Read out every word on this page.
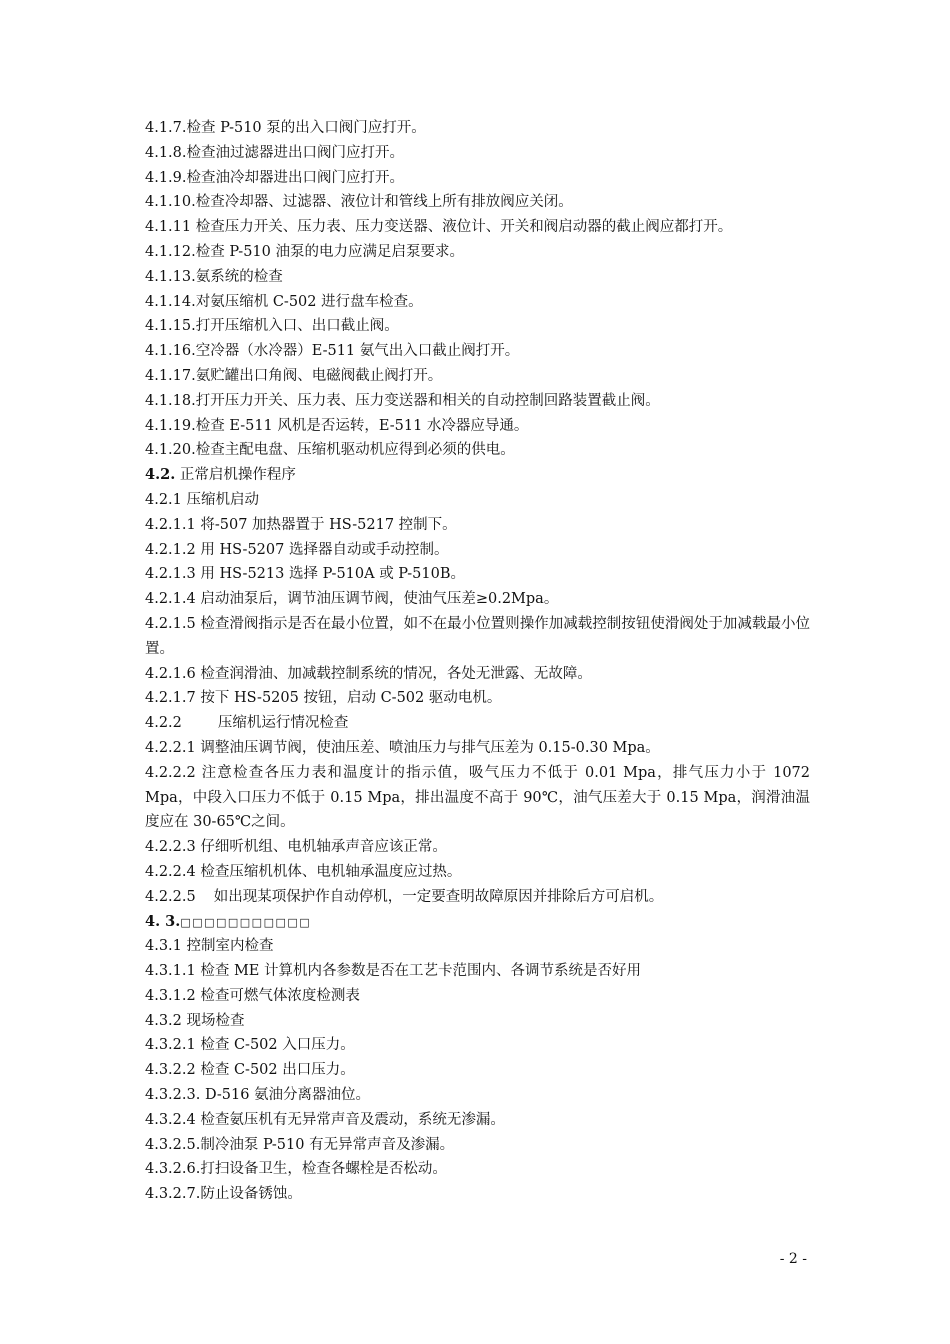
4.1.7.检查 P-510 泵的出入口阀门应打开。
4.1.8.检查油过滤器进出口阀门应打开。
4.1.9.检查油冷却器进出口阀门应打开。
4.1.10.检查冷却器、过滤器、液位计和管线上所有排放阀应关闭。
4.1.11 检查压力开关、压力表、压力变送器、液位计、开关和阀启动器的截止阀应都打开。
4.1.12.检查 P-510 油泵的电力应满足启泵要求。
4.1.13.氨系统的检查
4.1.14.对氨压缩机 C-502 进行盘车检查。
4.1.15.打开压缩机入口、出口截止阀。
4.1.16.空冷器（水冷器）E-511 氨气出入口截止阀打开。
4.1.17.氨贮罐出口角阀、电磁阀截止阀打开。
4.1.18.打开压力开关、压力表、压力变送器和相关的自动控制回路装置截止阀。
4.1.19.检查 E-511 风机是否运转，E-511 水冷器应导通。
4.1.20.检查主配电盘、压缩机驱动机应得到必须的供电。
4.2. 正常启机操作程序
4.2.1 压缩机启动
4.2.1.1 将-507 加热器置于 HS-5217 控制下。
4.2.1.2 用 HS-5207 选择器自动或手动控制。
4.2.1.3 用 HS-5213 选择 P-510A 或 P-510B。
4.2.1.4 启动油泵后，调节油压调节阀，使油气压差≥0.2Mpa。
4.2.1.5 检查滑阀指示是否在最小位置，如不在最小位置则操作加减载控制按钮使滑阀处于加减载最小位置。
4.2.1.6 检查润滑油、加减载控制系统的情况，各处无泄露、无故障。
4.2.1.7 按下 HS-5205 按钮，启动 C-502 驱动电机。
4.2.2 压缩机运行情况检查
4.2.2.1 调整油压调节阀，使油压差、喷油压力与排气压差为 0.15-0.30 Mpa。
4.2.2.2 注意检查各压力表和温度计的指示值，吸气压力不低于 0.01 Mpa，排气压力小于 1072 Mpa，中段入口压力不低于 0.15 Mpa，排出温度不高于 90℃，油气压差大于 0.15 Mpa，润滑油温度应在 30-65℃之间。
4.2.2.3 仔细听机组、电机轴承声音应该正常。
4.2.2.4 检查压缩机机体、电机轴承温度应过热。
4.2.2.5 如出现某项保护作自动停机，一定要查明故障原因并排除后方可启机。
4. 3.□□□□□□□□□□□
4.3.1 控制室内检查
4.3.1.1 检查 ME 计算机内各参数是否在工艺卡范围内、各调节系统是否好用
4.3.1.2 检查可燃气体浓度检测表
4.3.2 现场检查
4.3.2.1 检查 C-502 入口压力。
4.3.2.2 检查 C-502 出口压力。
4.3.2.3. D-516 氨油分离器油位。
4.3.2.4 检查氨压机有无异常声音及震动，系统无渗漏。
4.3.2.5.制冷油泵 P-510 有无异常声音及渗漏。
4.3.2.6.打扫设备卫生，检查各螺栓是否松动。
4.3.2.7.防止设备锈蚀。
- 2 -
